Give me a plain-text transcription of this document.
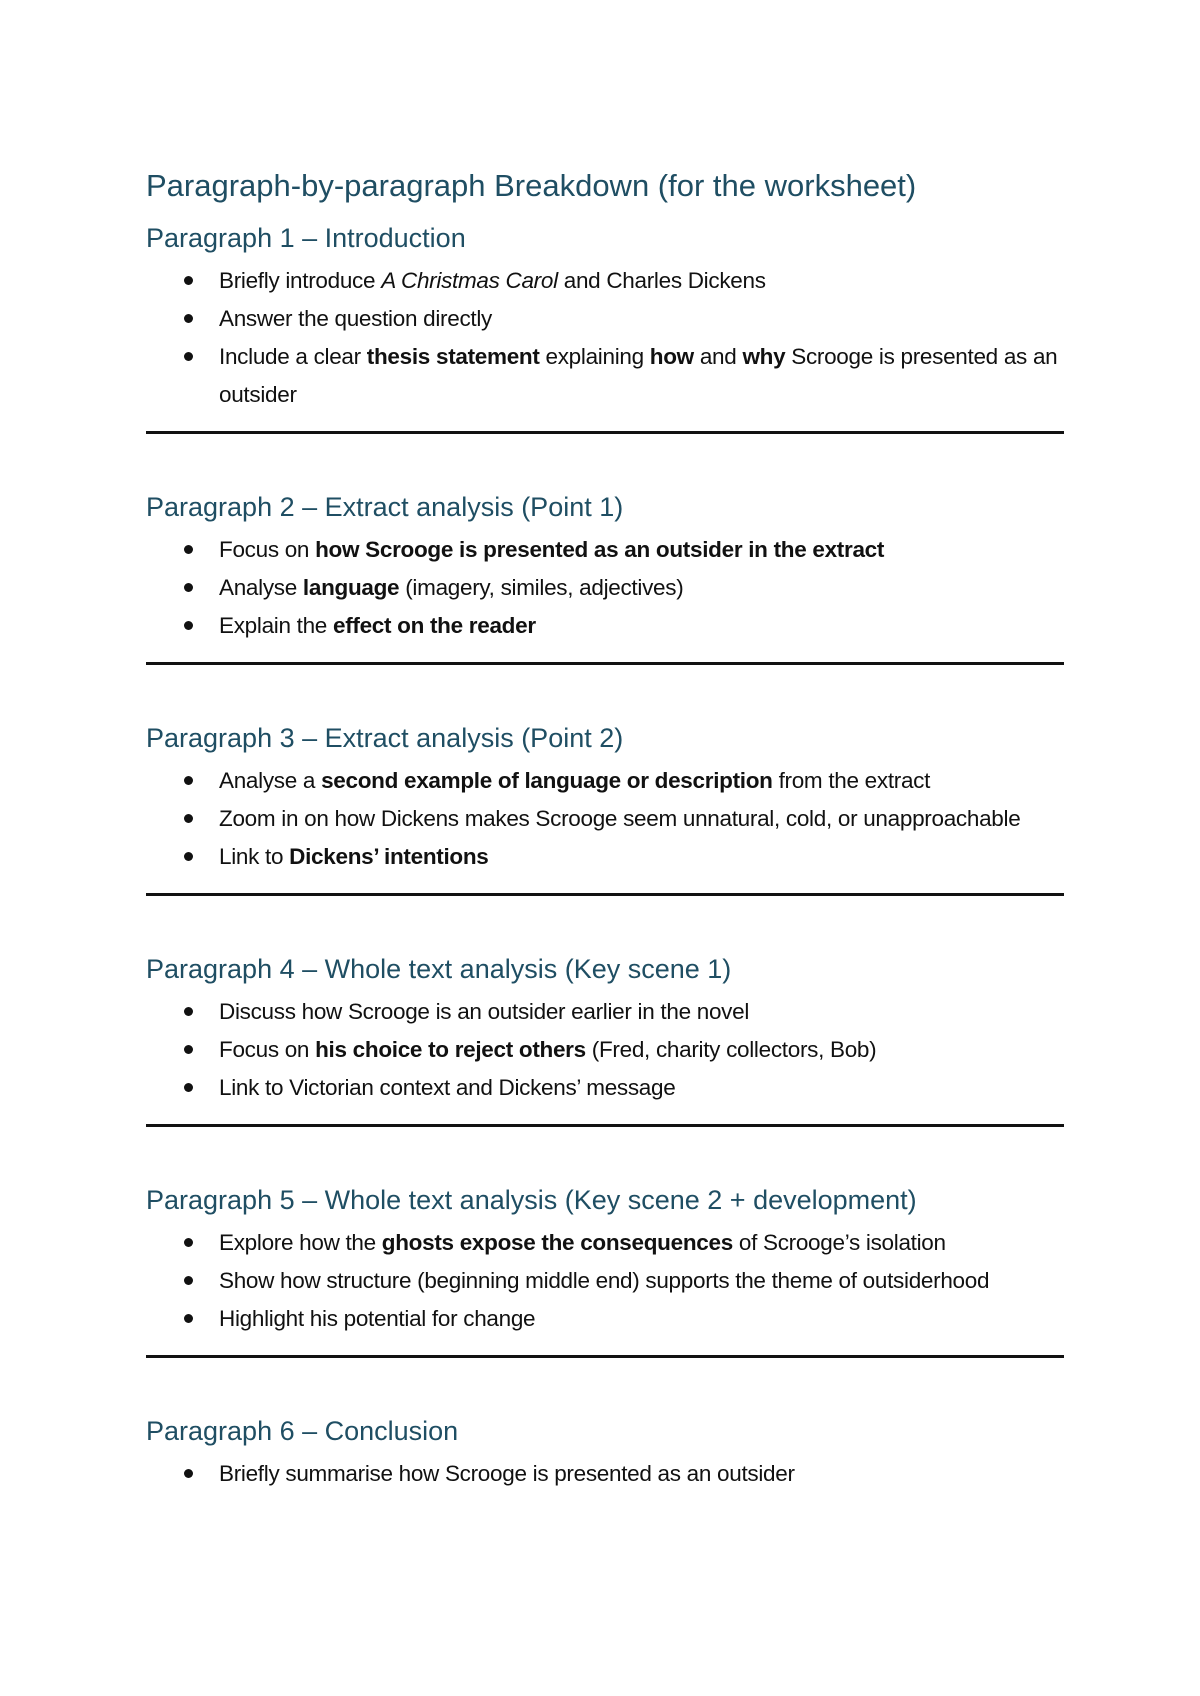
Paragraph-by-paragraph Breakdown (for the worksheet)
Paragraph 1 – Introduction
Briefly introduce A Christmas Carol and Charles Dickens
Answer the question directly
Include a clear thesis statement explaining how and why Scrooge is presented as an outsider
Paragraph 2 – Extract analysis (Point 1)
Focus on how Scrooge is presented as an outsider in the extract
Analyse language (imagery, similes, adjectives)
Explain the effect on the reader
Paragraph 3 – Extract analysis (Point 2)
Analyse a second example of language or description from the extract
Zoom in on how Dickens makes Scrooge seem unnatural, cold, or unapproachable
Link to Dickens’ intentions
Paragraph 4 – Whole text analysis (Key scene 1)
Discuss how Scrooge is an outsider earlier in the novel
Focus on his choice to reject others (Fred, charity collectors, Bob)
Link to Victorian context and Dickens’ message
Paragraph 5 – Whole text analysis (Key scene 2 + development)
Explore how the ghosts expose the consequences of Scrooge’s isolation
Show how structure (beginning middle end) supports the theme of outsiderhood
Highlight his potential for change
Paragraph 6 – Conclusion
Briefly summarise how Scrooge is presented as an outsider
